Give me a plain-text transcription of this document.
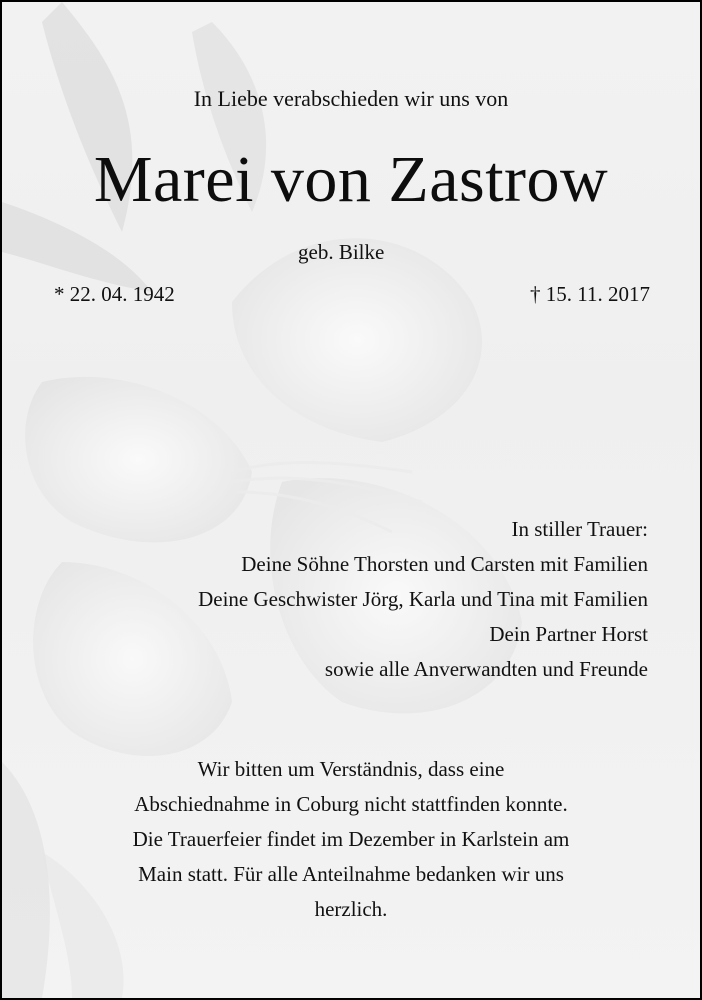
In Liebe verabschieden wir uns von
Marei von Zastrow
geb. Bilke
* 22. 04. 1942	† 15. 11. 2017
In stiller Trauer:
Deine Söhne Thorsten und Carsten mit Familien
Deine Geschwister Jörg, Karla und Tina mit Familien
Dein Partner Horst
sowie alle Anverwandten und Freunde
Wir bitten um Verständnis, dass eine
Abschiednahme in Coburg nicht stattfinden konnte.
Die Trauerfeier findet im Dezember in Karlstein am
Main statt. Für alle Anteilnahme bedanken wir uns
herzlich.
